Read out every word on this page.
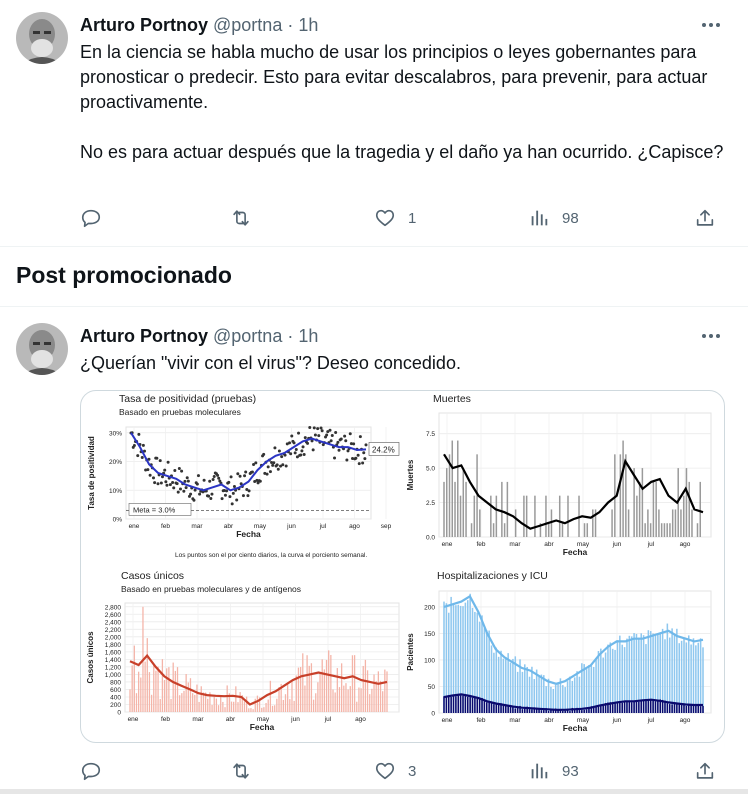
Arturo Portnoy @portna · 1h
En la ciencia se habla mucho de usar los principios o leyes gobernantes para pronosticar o predecir. Esto para evitar descalabros, para prevenir, para actuar proactivamente.

No es para actuar después que la tragedia y el daño ya han ocurrido. ¿Capisce?
1	98
Post promocionado
Arturo Portnoy @portna · 1h
¿Querían "vivir con el virus"? Deseo concedido.
3	93
Tasa de positividad (pruebas)
Basado en pruebas moleculares
0%
10%
20%
30%
ene	feb	mar	abr	may	jun	jul	ago	sep
Fecha
Tasa de positividad
Meta = 3.0%
24.2%
Los puntos son el por ciento diarios, la curva el porciento semanal.
Muertes
0.0
2.5
5.0
7.5
ene	feb	mar	abr	may	jun	jul	ago
Fecha
Muertes
Casos únicos
Basado en pruebas moleculares y de antígenos
0
200
400
600
800
1,000
1,200
1,400
1,600
1,800
2,000
2,200
2,400
2,600
2,800
ene	feb	mar	abr	may	jun	jul	ago
Fecha
Casos únicos
Hospitalizaciones y ICU
0
50
100
150
200
ene	feb	mar	abr	may	jun	jul	ago
Fecha
Pacientes
